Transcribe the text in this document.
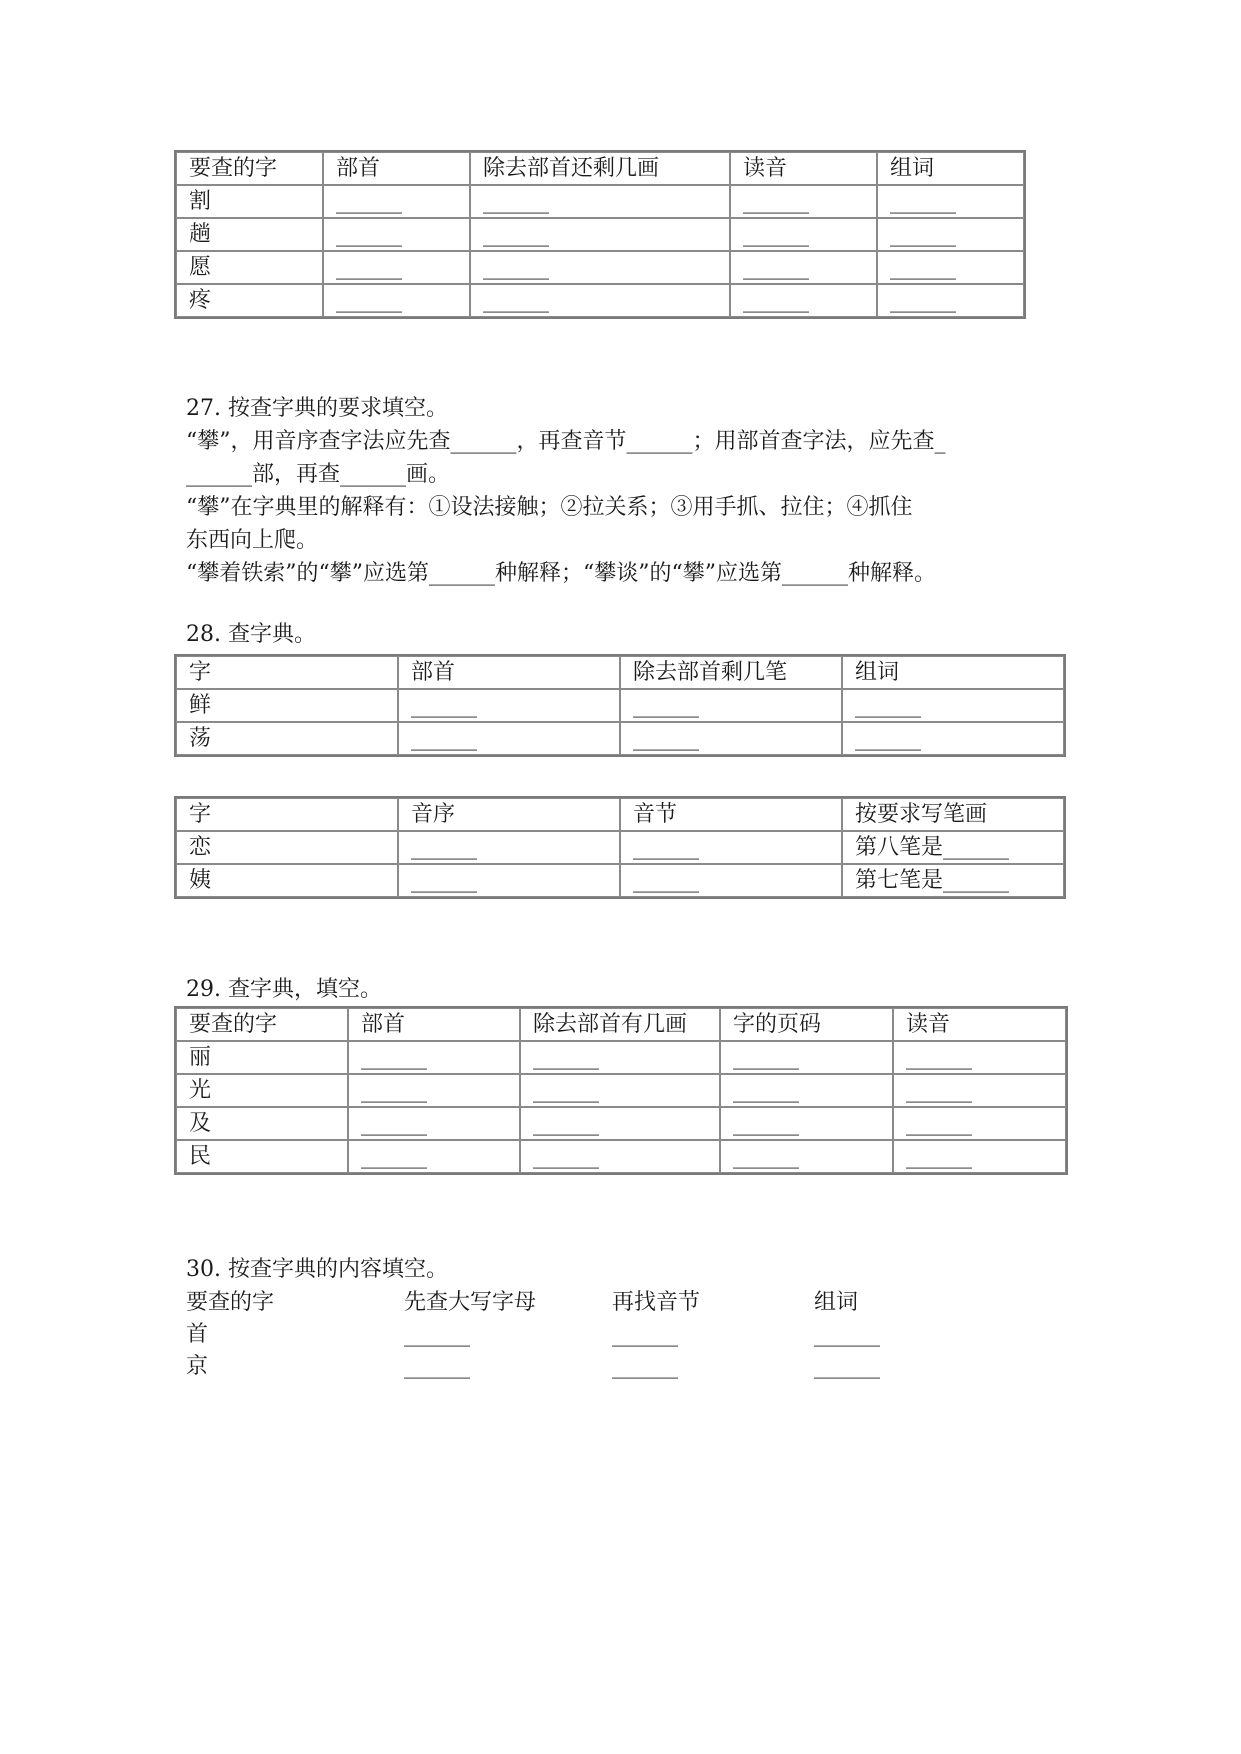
要查的字	部首	除去部首还剩几画	读音	组词
割	______	______	______	______
趟	______	______	______	______
愿	______	______	______	______
疼	______	______	______	______
27. 按查字典的要求填空。
“攀”，用音序查字法应先查______，再查音节______；用部首查字法，应先查_
______部，再查______画。
“攀”在字典里的解释有：①设法接触；②拉关系；③用手抓、拉住；④抓住
东西向上爬。
“攀着铁索”的“攀”应选第______种解释；“攀谈”的“攀”应选第______种解释。
28. 查字典。
字	部首	除去部首剩几笔	组词
鲜	______	______	______
荡	______	______	______
字	音序	音节	按要求写笔画
恋	______	______	第八笔是______
姨	______	______	第七笔是______
29. 查字典，填空。
要查的字	部首	除去部首有几画	字的页码	读音
丽	______	______	______	______
光	______	______	______	______
及	______	______	______	______
民	______	______	______	______
30. 按查字典的内容填空。
要查的字	先查大写字母	再找音节	组词
首	______	______	______
京	______	______	______
